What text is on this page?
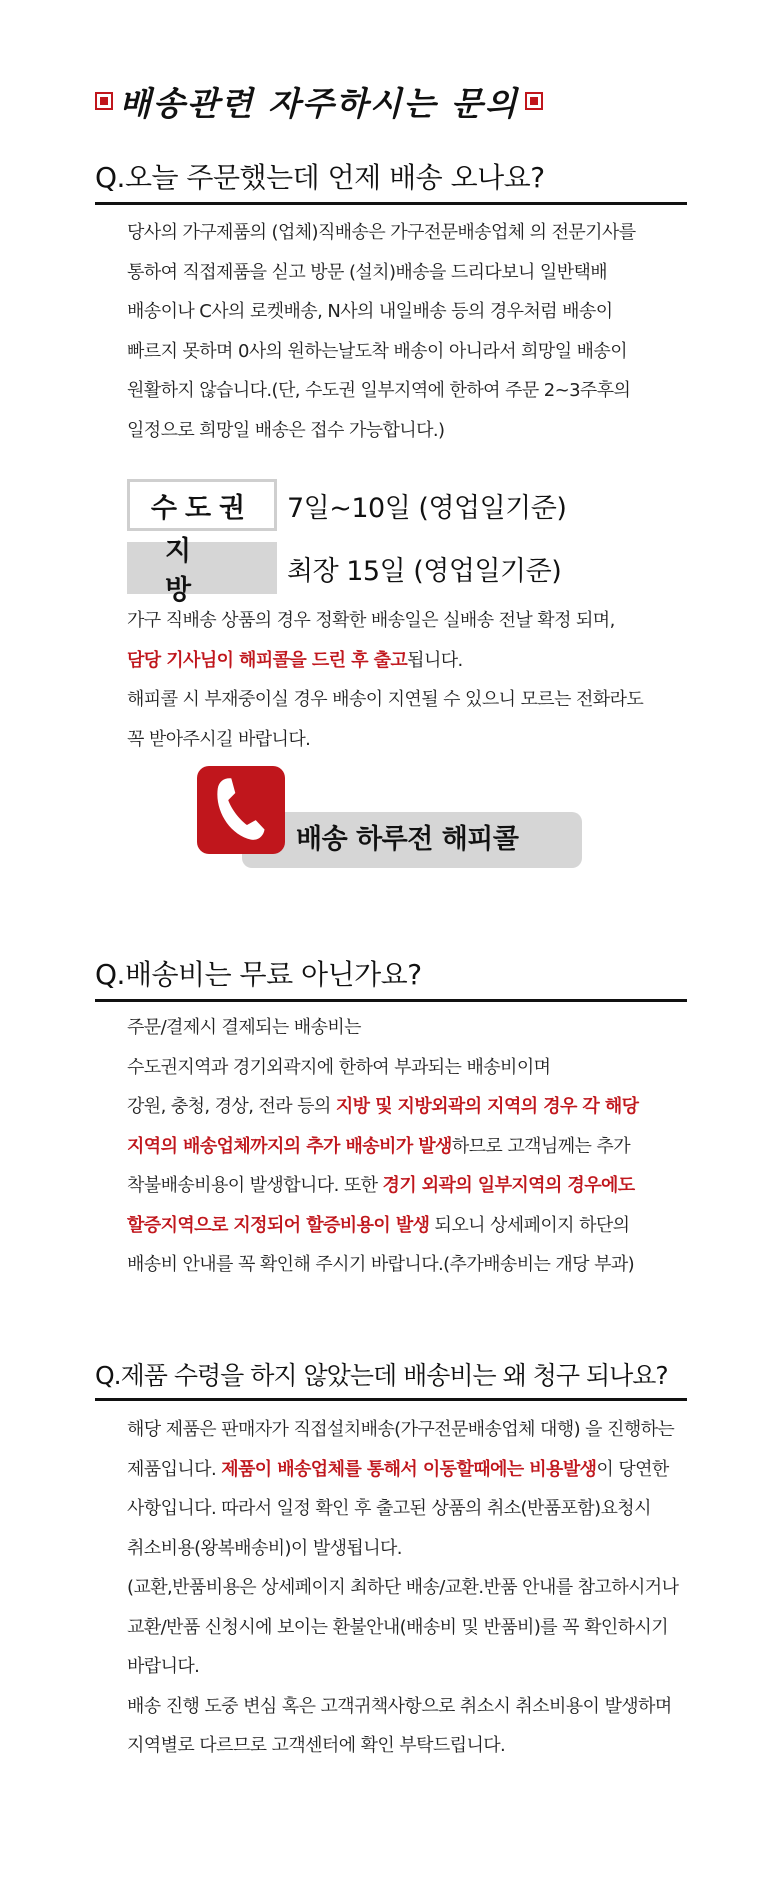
배송관련 자주하시는 문의
Q.오늘 주문했는데 언제 배송 오나요?
당사의 가구제품의 (업체)직배송은 가구전문배송업체 의 전문기사를
통하여 직접제품을 싣고 방문 (설치)배송을 드리다보니 일반택배
배송이나 C사의 로켓배송, N사의 내일배송 등의 경우처럼 배송이
빠르지 못하며 0사의 원하는날도착 배송이 아니라서 희망일 배송이
원활하지 않습니다.(단, 수도권 일부지역에 한하여 주문 2~3주후의
일정으로 희망일 배송은 접수 가능합니다.)
수도권	7일~10일 (영업일기준)
지방
최장 15일 (영업일기준)
가구 직배송 상품의 경우 정확한 배송일은 실배송 전날 확정 되며,
담당 기사님이 해피콜을 드린 후 출고됩니다.
해피콜 시 부재중이실 경우 배송이 지연될 수 있으니 모르는 전화라도
꼭 받아주시길 바랍니다.
배송 하루전 해피콜
Q.배송비는 무료 아닌가요?
주문/결제시 결제되는 배송비는
수도권지역과 경기외곽지에 한하여 부과되는 배송비이며
강원, 충청, 경상, 전라 등의 지방 및 지방외곽의 지역의 경우 각 해당
지역의 배송업체까지의 추가 배송비가 발생하므로 고객님께는 추가
착불배송비용이 발생합니다. 또한 경기 외곽의 일부지역의 경우에도
할증지역으로 지정되어 할증비용이 발생 되오니 상세페이지 하단의
배송비 안내를 꼭 확인해 주시기 바랍니다.(추가배송비는 개당 부과)
Q.제품 수령을 하지 않았는데 배송비는 왜 청구 되나요?
해당 제품은 판매자가 직접설치배송(가구전문배송업체 대행) 을 진행하는
제품입니다. 제품이 배송업체를 통해서 이동할때에는 비용발생이 당연한
사항입니다. 따라서 일정 확인 후 출고된 상품의 취소(반품포함)요청시
취소비용(왕복배송비)이 발생됩니다.
(교환,반품비용은 상세페이지 최하단 배송/교환.반품 안내를 참고하시거나
교환/반품 신청시에 보이는 환불안내(배송비 및 반품비)를 꼭 확인하시기
바랍니다.
배송 진행 도중 변심 혹은 고객귀책사항으로 취소시 취소비용이 발생하며
지역별로 다르므로 고객센터에 확인 부탁드립니다.
